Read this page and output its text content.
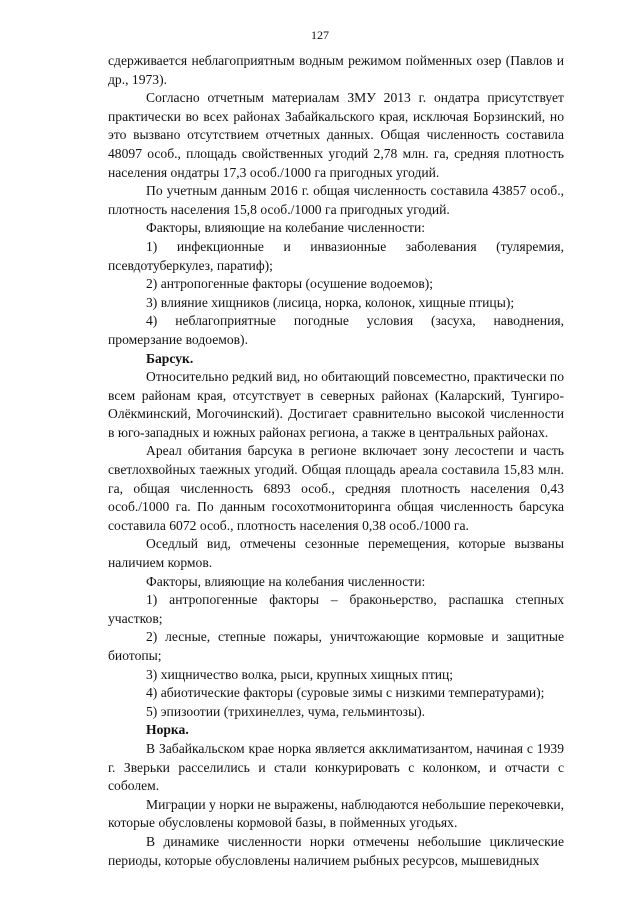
127

сдерживается неблагоприятным водным режимом пойменных озер (Павлов и др., 1973).

Согласно отчетным материалам ЗМУ 2013 г. ондатра присутствует практически во всех районах Забайкальского края, исключая Борзинский, но это вызвано отсутствием отчетных данных. Общая численность составила 48097 особ., площадь свойственных угодий 2,78 млн. га, средняя плотность населения ондатры 17,3 особ./1000 га пригодных угодий.

По учетным данным 2016 г. общая численность составила 43857 особ., плотность населения 15,8 особ./1000 га пригодных угодий.

Факторы, влияющие на колебание численности:

1) инфекционные и инвазионные заболевания (туляремия, псевдотуберкулез, паратиф);

2) антропогенные факторы (осушение водоемов);

3) влияние хищников (лисица, норка, колонок, хищные птицы);

4) неблагоприятные погодные условия (засуха, наводнения, промерзание водоемов).

Барсук.

Относительно редкий вид, но обитающий повсеместно, практически по всем районам края, отсутствует в северных районах (Каларский, Тунгиро-Олёкминский, Могочинский). Достигает сравнительно высокой численности в юго-западных и южных районах региона, а также в центральных районах.

Ареал обитания барсука в регионе включает зону лесостепи и часть светлохвойных таежных угодий. Общая площадь ареала составила 15,83 млн. га, общая численность 6893 особ., средняя плотность населения 0,43 особ./1000 га. По данным госохотмониторинга общая численность барсука составила 6072 особ., плотность населения 0,38 особ./1000 га.

Оседлый вид, отмечены сезонные перемещения, которые вызваны наличием кормов.

Факторы, влияющие на колебания численности:

1) антропогенные факторы – браконьерство, распашка степных участков;

2) лесные, степные пожары, уничтожающие кормовые и защитные биотопы;

3) хищничество волка, рыси, крупных хищных птиц;

4) абиотические факторы (суровые зимы с низкими температурами);

5) эпизоотии (трихинеллез, чума, гельминтозы).

Норка.

В Забайкальском крае норка является акклиматизантом, начиная с 1939 г. Зверьки расселились и стали конкурировать с колонком, и отчасти с соболем.

Миграции у норки не выражены, наблюдаются небольшие перекочевки, которые обусловлены кормовой базы, в пойменных угодьях.

В динамике численности норки отмечены небольшие циклические периоды, которые обусловлены наличием рыбных ресурсов, мышевидных
